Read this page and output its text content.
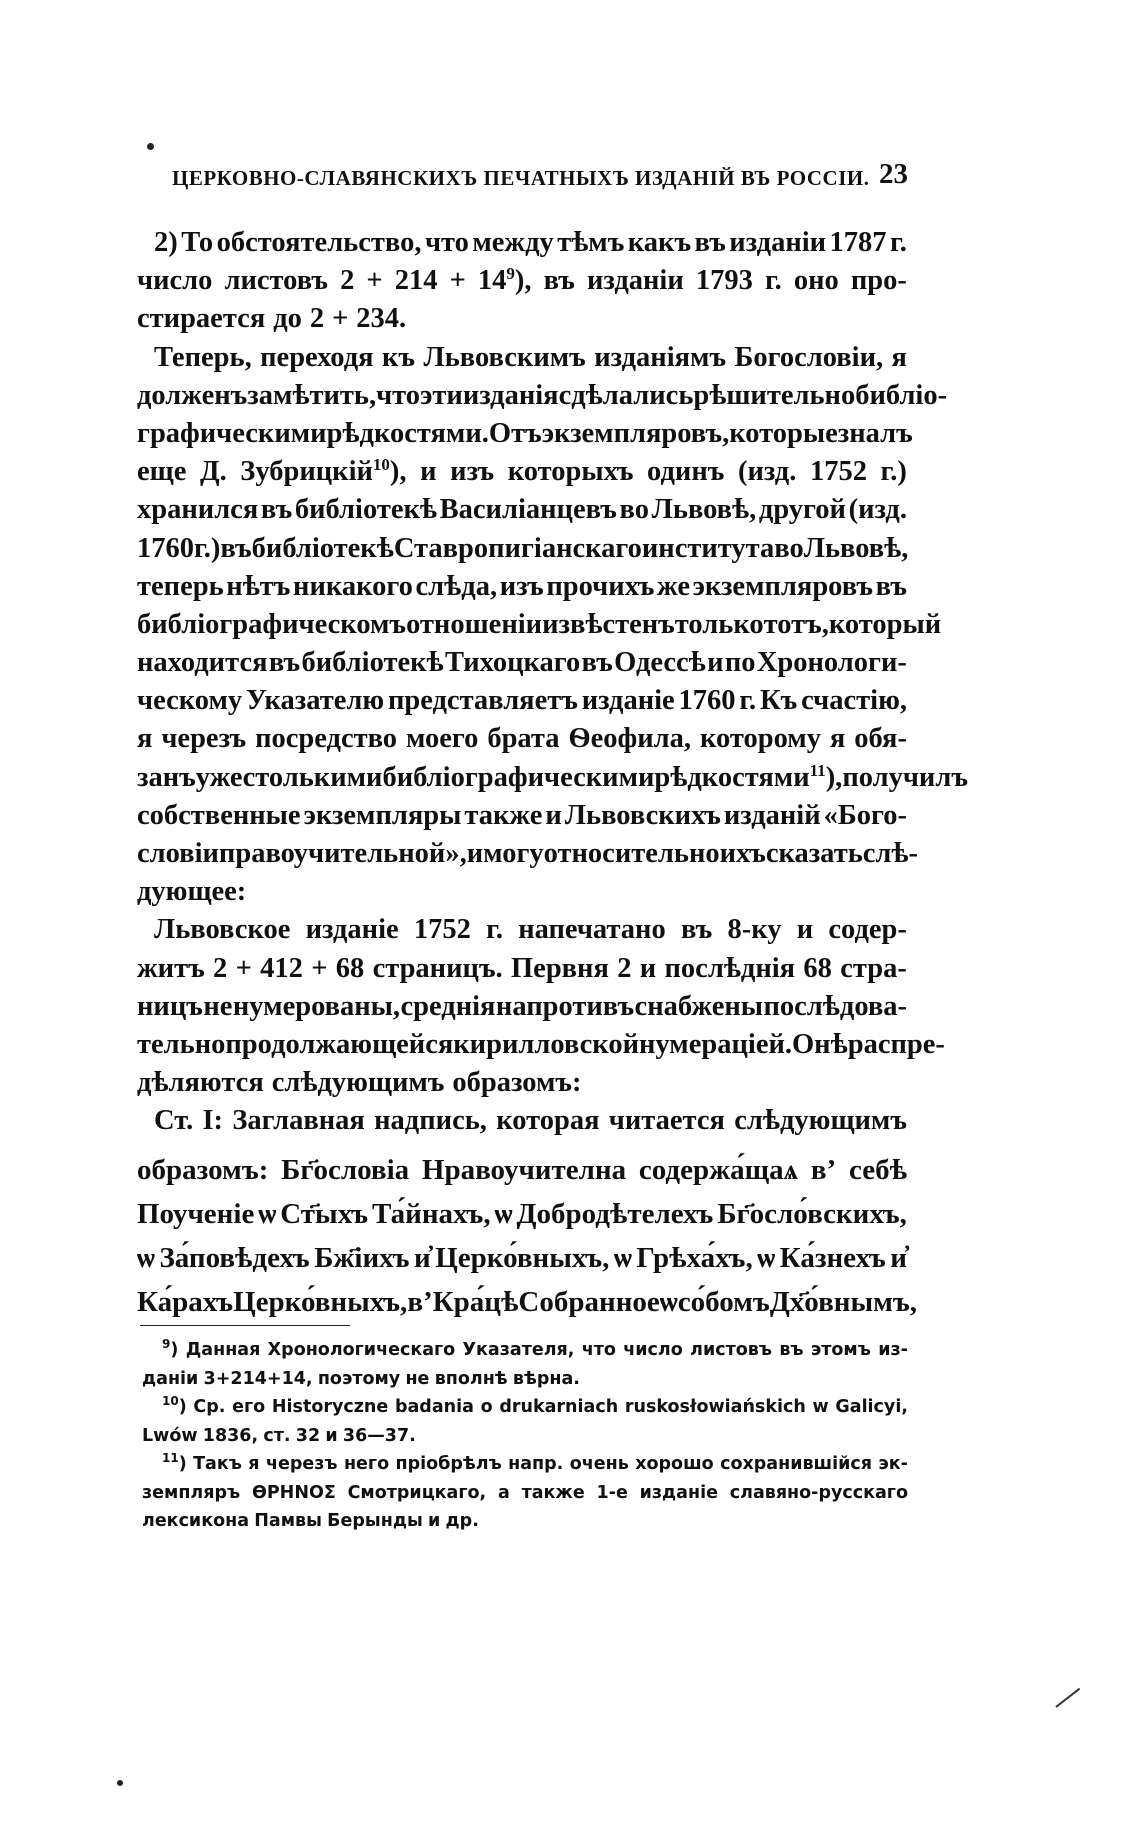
ЦЕРКОВНО-СЛАВЯНСКИХЪ ПЕЧАТНЫХЪ ИЗДАНІЙ ВЪ РОССІИ. 23
2) То обстоятельство, что между тѣмъ какъ въ изданіи 1787 г.
число листовъ $2 + 214 + 14^9$), въ изданіи 1793 г. оно про-
стирается до 2 + 234.
Теперь, переходя къ Львовскимъ изданіямъ Богословіи, я
долженъ замѣтить, что эти изданія сдѣлались рѣшительно библіо-
графическими рѣдкостями. Отъ экземпляровъ, которые зналъ
еще Д. Зубрицкій$^{10}$), и изъ которыхъ одинъ (изд. 1752 г.)
хранился въ библіотекѣ Василіанцевъ во Львовѣ, другой (изд.
1760 г.) въ библіотекѣ Ставропигіанскаго института во Львовѣ,
теперь нѣтъ никакого слѣда, изъ прочихъ же экземпляровъ въ
библіографическомъ отношеніи извѣстенъ только тотъ, который
находится въ библіотекѣ Тихоцкаго въ Одессѣ и по Хронологи-
ческому Указателю представляетъ изданіе 1760 г. Къ счастію,
я черезъ посредство моего брата Ѳеофила, которому я обя-
занъ уже столькими библіографическими рѣдкостями$^{11}$), получилъ
собственные экземпляры также и Львовскихъ изданій «Бого-
словіи правоучительной», и могу относительно ихъ сказать слѣ-
дующее:
Львовское изданіе 1752 г. напечатано въ 8-ку и содер-
житъ 2 + 412 + 68 страницъ. Первня 2 и послѣднія 68 стра-
ницъ не нумерованы, среднія напротивъ снабжены послѣдова-
тельно продолжающейся кирилловской нумераціей. Онѣ распре-
дѣляются слѣдующимъ образомъ:
Ст. I: Заглавная надпись, которая читается слѣдующимъ
образомъ: Бг҃ословіа Нравоучителна содержа́щаѧ вʼ себѣ
Поученіе ѡ Ст҃ыхъ Та́йнахъ, ѡ Добродѣтелехъ Бг҃осло́вскихъ,
ѡ За́повѣдехъ Бж҃іихъ и҆ Церко́вныхъ, ѡ Грѣха́хъ, ѡ Ка́знехъ и҆
Ка́рахъ Церко́вныхъ, вʼ Кра́цѣ Собранное ѡсо́бомъ Дх҃о́внымъ,
$^9$) Данная Хронологическаго Указателя, что число листовъ въ этомъ из-
даніи 3+214+14, поэтому не вполнѣ вѣрна.
$^{10}$) Ср. его Historyczne badania o drukarniach ruskosłowiańskich w Galicyi,
Lwów 1836, ст. 32 и 36—37.
$^{11}$) Такъ я черезъ него пріобрѣлъ напр. очень хорошо сохранившійся эк-
земпляръ ѲРНΝΟΣ Смотрицкаго, а также 1-е изданіе славяно-русскаго
лексикона Памвы Берынды и др.
